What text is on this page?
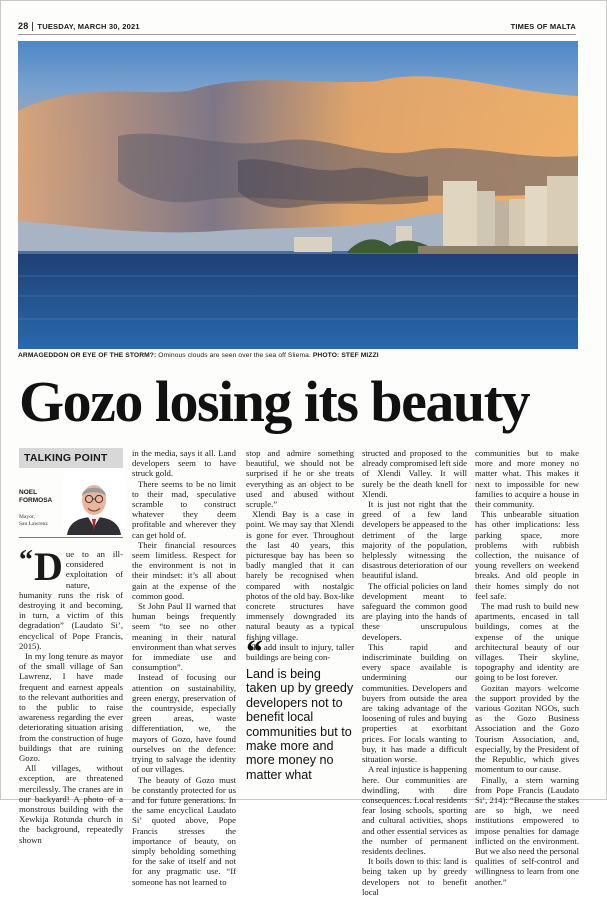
28 TUESDAY, MARCH 30, 2021	TIMES OF MALTA
ARMAGEDDON OR EYE OF THE STORM?: Ominous clouds are seen over the sea off Sliema. PHOTO: STEF MIZZI
Gozo losing its beauty
TALKING POINT
NOEL
FORMOSA
Mayor,
San Lawrenz
“ D ue to an ill-considered exploitation of nature, humanity runs the risk of destroying it and becoming, in turn, a victim of this degradation” (Laudato Si’, encyclical of Pope Francis, 2015).

In my long tenure as mayor of the small village of San Lawrenz, I have made frequent and earnest appeals to the relevant authorities and to the public to raise awareness regarding the ever deteriorating situation arising from the construction of huge buildings that are ruining Gozo.

All villages, without exception, are threatened mercilessly. The cranes are in our backyard! A photo of a monstrous building with the Xewkija Rotunda church in the background, repeatedly shown

in the media, says it all. Land developers seem to have struck gold.

There seems to be no limit to their mad, speculative scramble to construct whatever they deem profitable and wherever they can get hold of.

Their financial resources seem limitless. Respect for the environment is not in their mindset: it’s all about gain at the expense of the common good.

St John Paul II warned that human beings frequently seem “to see no other meaning in their natural environment than what serves for immediate use and consumption”.

Instead of focusing our attention on sustainability, green energy, preservation of the countryside, especially green areas, waste differentiation, we, the mayors of Gozo, have found ourselves on the defence: trying to salvage the identity of our villages.

The beauty of Gozo must be constantly protected for us and for future generations. In the same encyclical Laudato Si’ quoted above, Pope Francis stresses the importance of beauty, on simply beholding something for the sake of itself and not for any pragmatic use. “If someone has not learned to

stop and admire something beautiful, we should not be surprised if he or she treats everything as an object to be used and abused without scruple.”

Xlendi Bay is a case in point. We may say that Xlendi is gone for ever. Throughout the last 40 years, this picturesque bay has been so badly mangled that it can barely be recognised when compared with nostalgic photos of the old bay. Box-like concrete structures have immensely downgraded its natural beauty as a typical fishing village.

To add insult to injury, taller buildings are being con-

“
Land is being taken up by greedy developers not to benefit local communities but to make more and more money no matter what

structed and proposed to the already compromised left side of Xlendi Valley. It will surely be the death knell for Xlendi.

It is just not right that the greed of a few land developers be appeased to the detriment of the large majority of the population, helplessly witnessing the disastrous deterioration of our beautiful island.

The official policies on land development meant to safeguard the common good are playing into the hands of these unscrupulous developers.

This rapid and indiscriminate building on every space available is undermining our communities. Developers and buyers from outside the area are taking advantage of the loosening of rules and buying properties at exorbitant prices. For locals wanting to buy, it has made a difficult situation worse.

A real injustice is happening here. Our communities are dwindling, with dire consequences. Local residents fear losing schools, sporting and cultural activities, shops and other essential services as the number of permanent residents declines.

It boils down to this: land is being taken up by greedy developers not to benefit local

communities but to make more and more money no matter what. This makes it next to impossible for new families to acquire a house in their community.

This unbearable situation has other implications: less parking space, more problems with rubbish collection, the nuisance of young revellers on weekend breaks. And old people in their homes simply do not feel safe.

The mad rush to build new apartments, encased in tall buildings, comes at the expense of the unique architectural beauty of our villages. Their skyline, topography and identity are going to be lost forever.

Gozitan mayors welcome the support provided by the various Gozitan NGOs, such as the Gozo Business Association and the Gozo Tourism Association, and, especially, by the President of the Republic, which gives momentum to our cause.

Finally, a stern warning from Pope Francis (Laudato Si’, 214): “Because the stakes are so high, we need institutions empowered to impose penalties for damage inflicted on the environment. But we also need the personal qualities of self-control and willingness to learn from one another.”
